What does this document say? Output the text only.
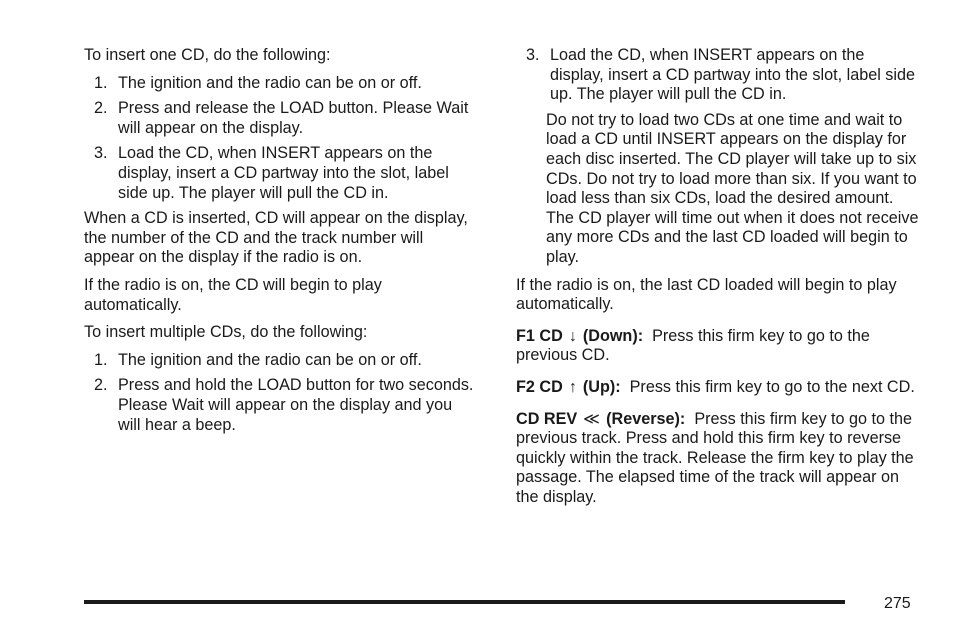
To insert one CD, do the following:

1. The ignition and the radio can be on or off.
2. Press and release the LOAD button. Please Wait will appear on the display.
3. Load the CD, when INSERT appears on the display, insert a CD partway into the slot, label side up. The player will pull the CD in.

When a CD is inserted, CD will appear on the display, the number of the CD and the track number will appear on the display if the radio is on.

If the radio is on, the CD will begin to play automatically.

To insert multiple CDs, do the following:

1. The ignition and the radio can be on or off.
2. Press and hold the LOAD button for two seconds. Please Wait will appear on the display and you will hear a beep.
3. Load the CD, when INSERT appears on the display, insert a CD partway into the slot, label side up. The player will pull the CD in.

Do not try to load two CDs at one time and wait to load a CD until INSERT appears on the display for each disc inserted. The CD player will take up to six CDs. Do not try to load more than six. If you want to load less than six CDs, load the desired amount. The CD player will time out when it does not receive any more CDs and the last CD loaded will begin to play.

If the radio is on, the last CD loaded will begin to play automatically.

F1 CD ↓ (Down): Press this firm key to go to the previous CD.

F2 CD ↑ (Up): Press this firm key to go to the next CD.

CD REV ≪ (Reverse): Press this firm key to go to the previous track. Press and hold this firm key to reverse quickly within the track. Release the firm key to play the passage. The elapsed time of the track will appear on the display.

275
